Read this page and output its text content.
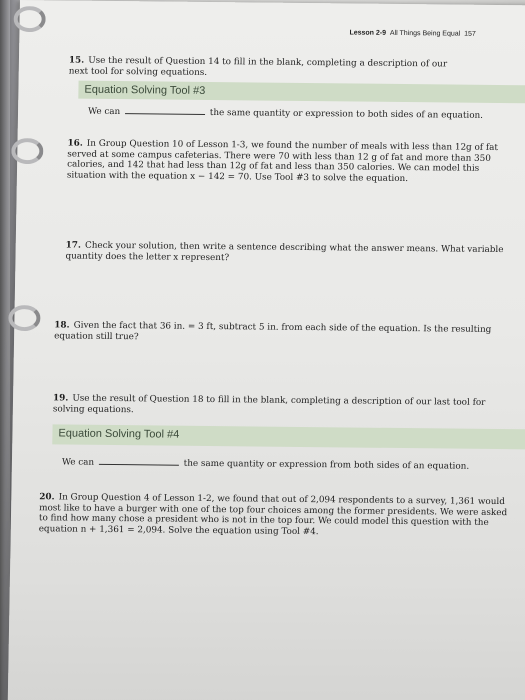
Lesson 2-9 All Things Being Equal 157
15. Use the result of Question 14 to fill in the blank, completing a description of our next tool for solving equations.
Equation Solving Tool #3
We can	the same quantity or expression to both sides of an equation.
16. In Group Question 10 of Lesson 1-3, we found the number of meals with less than 12g of fat served at some campus cafeterias. There were 70 with less than 12 g of fat and more than 350 calories, and 142 that had less than 12g of fat and less than 350 calories. We can model this situation with the equation x − 142 = 70. Use Tool #3 to solve the equation.
17. Check your solution, then write a sentence describing what the answer means. What variable quantity does the letter x represent?
18. Given the fact that 36 in. = 3 ft, subtract 5 in. from each side of the equation. Is the resulting equation still true?
19. Use the result of Question 18 to fill in the blank, completing a description of our last tool for solving equations.
Equation Solving Tool #4
We can	the same quantity or expression from both sides of an equation.
20. In Group Question 4 of Lesson 1-2, we found that out of 2,094 respondents to a survey, 1,361 would most like to have a burger with one of the top four choices among the former presidents. We were asked to find how many chose a president who is not in the top four. We could model this question with the equation n + 1,361 = 2,094. Solve the equation using Tool #4.
